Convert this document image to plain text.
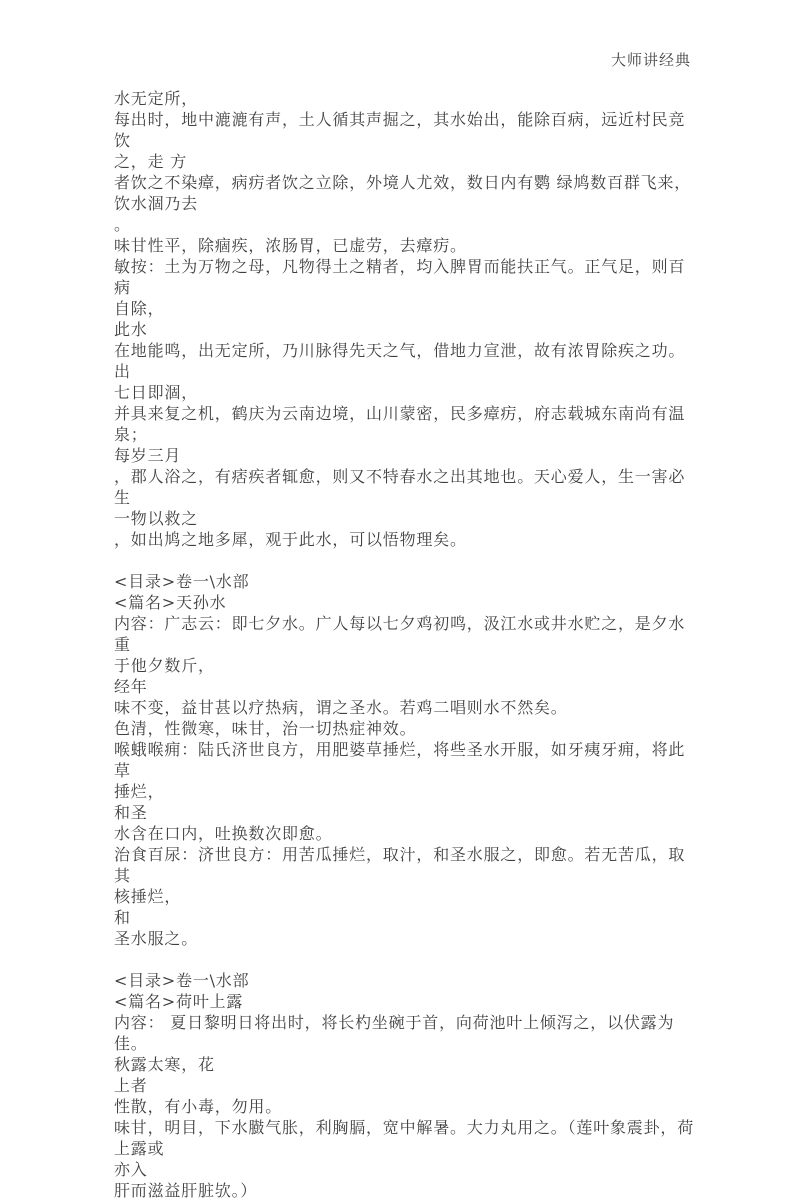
大师讲经典
水无定所，
每出时，地中漉漉有声，土人循其声掘之，其水始出，能除百病，远近村民竞饮
之，走 方
者饮之不染瘴，病疠者饮之立除，外境人尤效，数日内有鹦 绿鸠数百群飞来，
饮水涸乃去
。
味甘性平，除痼疾，浓肠胃，已虚劳，去瘴疠。
敏按：土为万物之母，凡物得土之精者，均入脾胃而能扶正气。正气足，则百病
自除，
此水
在地能鸣，出无定所，乃川脉得先天之气，借地力宣泄，故有浓胃除疾之功。出
七日即涸，
并具来复之机，鹤庆为云南边境，山川蒙密，民多瘴疠，府志载城东南尚有温泉；
每岁三月
，郡人浴之，有痞疾者辄愈，则又不特春水之出其地也。天心爱人，生一害必生
一物以救之
，如出鸠之地多犀，观于此水，可以悟物理矣。
<目录>卷一\水部
<篇名>天孙水
内容：广志云：即七夕水。广人每以七夕鸡初鸣，汲江水或井水贮之，是夕水重
于他夕数斤，
经年
味不变，益甘甚以疗热病，谓之圣水。若鸡二唱则水不然矣。
色清，性微寒，味甘，治一切热症神效。
喉蛾喉痈：陆氏济世良方，用肥婆草捶烂，将些圣水开服，如牙痍牙痈，将此草
捶烂，
和圣
水含在口内，吐换数次即愈。
治食百尿：济世良方：用苦瓜捶烂，取汁，和圣水服之，即愈。若无苦瓜，取其
核捶烂，
和
圣水服之。
<目录>卷一\水部
<篇名>荷叶上露
内容： 夏日黎明日将出时，将长杓坐碗于首，向荷池叶上倾泻之，以伏露为佳。
秋露太寒，花
上者
性散，有小毒，勿用。
味甘，明目，下水臌气胀，利胸膈，宽中解暑。大力丸用之。（莲叶象震卦，荷
上露或
亦入
肝而滋益肝脏欤。）
